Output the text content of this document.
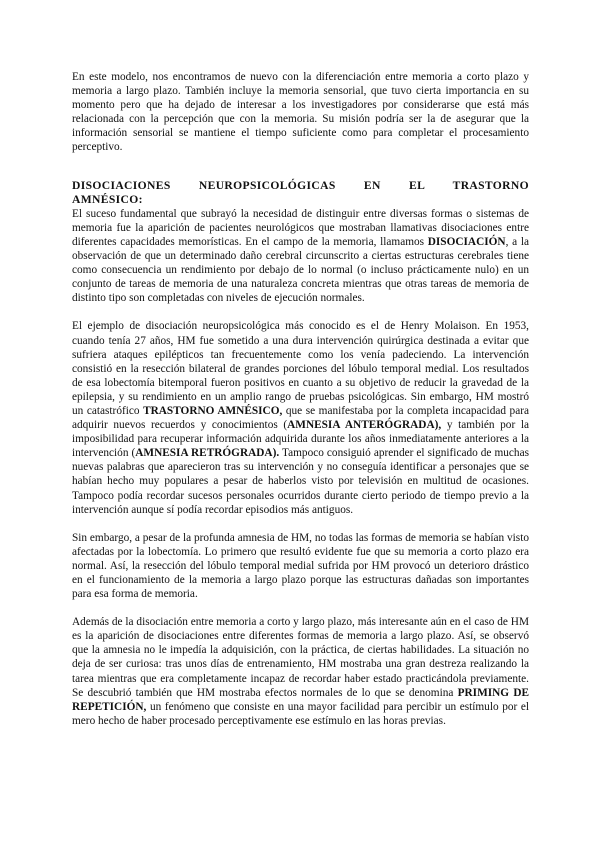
En este modelo, nos encontramos de nuevo con la diferenciación entre memoria a corto plazo y memoria a largo plazo. También incluye la memoria sensorial, que tuvo cierta importancia en su momento pero que ha dejado de interesar a los investigadores por considerarse que está más relacionada con la percepción que con la memoria. Su misión podría ser la de asegurar que la información sensorial se mantiene el tiempo suficiente como para completar el procesamiento perceptivo.

DISOCIACIONES NEUROPSICOLÓGICAS EN EL TRASTORNO AMNÉSICO:

El suceso fundamental que subrayó la necesidad de distinguir entre diversas formas o sistemas de memoria fue la aparición de pacientes neurológicos que mostraban llamativas disociaciones entre diferentes capacidades memorísticas. En el campo de la memoria, llamamos DISOCIACIÓN, a la observación de que un determinado daño cerebral circunscrito a ciertas estructuras cerebrales tiene como consecuencia un rendimiento por debajo de lo normal (o incluso prácticamente nulo) en un conjunto de tareas de memoria de una naturaleza concreta mientras que otras tareas de memoria de distinto tipo son completadas con niveles de ejecución normales.

El ejemplo de disociación neuropsicológica más conocido es el de Henry Molaison. En 1953, cuando tenía 27 años, HM fue sometido a una dura intervención quirúrgica destinada a evitar que sufriera ataques epilépticos tan frecuentemente como los venía padeciendo. La intervención consistió en la resección bilateral de grandes porciones del lóbulo temporal medial. Los resultados de esa lobectomía bitemporal fueron positivos en cuanto a su objetivo de reducir la gravedad de la epilepsia, y su rendimiento en un amplio rango de pruebas psicológicas. Sin embargo, HM mostró un catastrófico TRASTORNO AMNÉSICO, que se manifestaba por la completa incapacidad para adquirir nuevos recuerdos y conocimientos (AMNESIA ANTERÓGRADA), y también por la imposibilidad para recuperar información adquirida durante los años inmediatamente anteriores a la intervención (AMNESIA RETRÓGRADA). Tampoco consiguió aprender el significado de muchas nuevas palabras que aparecieron tras su intervención y no conseguía identificar a personajes que se habían hecho muy populares a pesar de haberlos visto por televisión en multitud de ocasiones. Tampoco podía recordar sucesos personales ocurridos durante cierto periodo de tiempo previo a la intervención aunque sí podía recordar episodios más antiguos.

Sin embargo, a pesar de la profunda amnesia de HM, no todas las formas de memoria se habían visto afectadas por la lobectomía. Lo primero que resultó evidente fue que su memoria a corto plazo era normal. Así, la resección del lóbulo temporal medial sufrida por HM provocó un deterioro drástico en el funcionamiento de la memoria a largo plazo porque las estructuras dañadas son importantes para esa forma de memoria.

Además de la disociación entre memoria a corto y largo plazo, más interesante aún en el caso de HM es la aparición de disociaciones entre diferentes formas de memoria a largo plazo. Así, se observó que la amnesia no le impedía la adquisición, con la práctica, de ciertas habilidades. La situación no deja de ser curiosa: tras unos días de entrenamiento, HM mostraba una gran destreza realizando la tarea mientras que era completamente incapaz de recordar haber estado practicándola previamente. Se descubrió también que HM mostraba efectos normales de lo que se denomina PRIMING DE REPETICIÓN, un fenómeno que consiste en una mayor facilidad para percibir un estímulo por el mero hecho de haber procesado perceptivamente ese estímulo en las horas previas.
